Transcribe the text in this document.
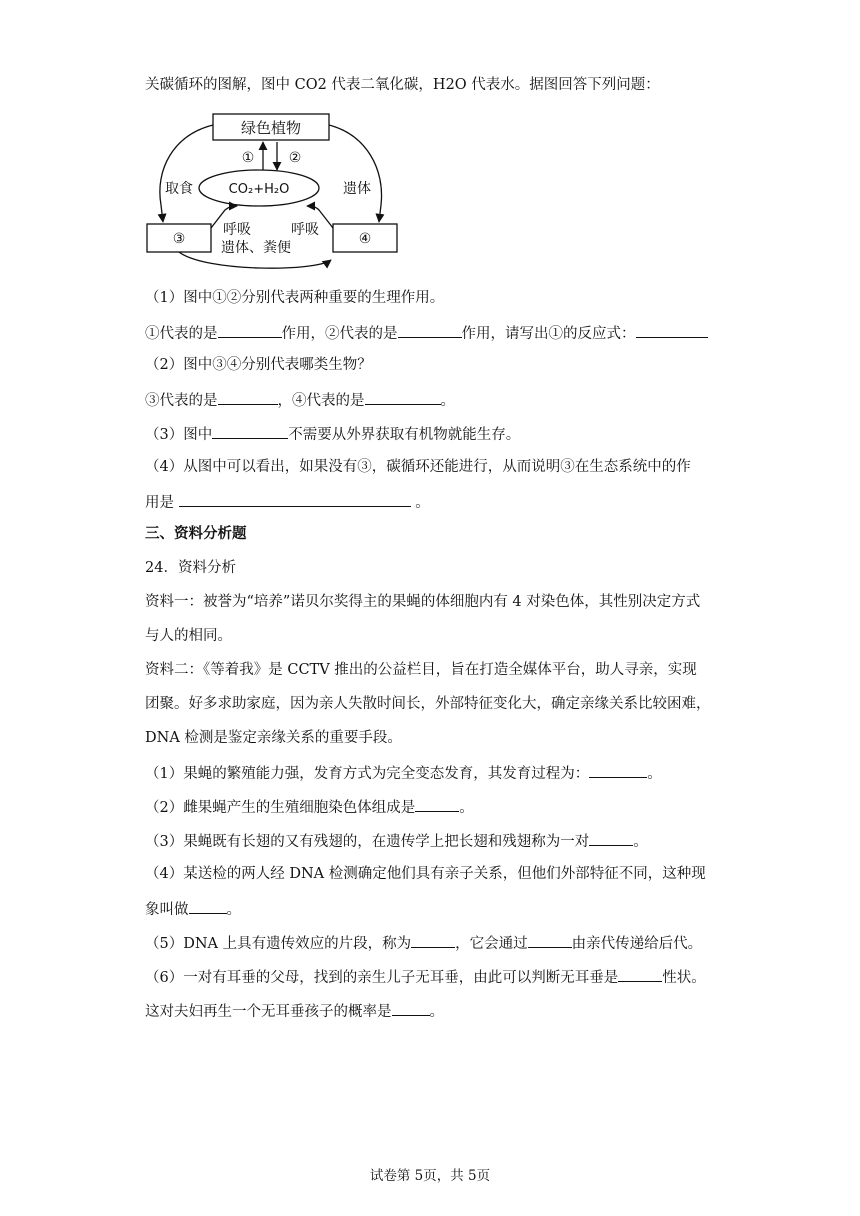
关碳循环的图解，图中 CO2 代表二氧化碳，H2O 代表水。据图回答下列问题：
绿色植物
CO₂+H₂O
① ②
取食	遗体
③	④
呼吸	呼吸
遗体、粪便
（1）图中①②分别代表两种重要的生理作用。
①代表的是	作用，②代表的是	作用，请写出①的反应式：
（2）图中③④分别代表哪类生物？
③代表的是	，④代表的是	。
（3）图中	不需要从外界获取有机物就能生存。
（4）从图中可以看出，如果没有③，碳循环还能进行，从而说明③在生态系统中的作
用是	。
三、资料分析题
24．资料分析
资料一：被誉为“培养”诺贝尔奖得主的果蝇的体细胞内有 4 对染色体，其性别决定方式
与人的相同。
资料二：《等着我》是 CCTV 推出的公益栏目，旨在打造全媒体平台，助人寻亲，实现
团聚。好多求助家庭，因为亲人失散时间长，外部特征变化大，确定亲缘关系比较困难，
DNA 检测是鉴定亲缘关系的重要手段。
（1）果蝇的繁殖能力强，发育方式为完全变态发育，其发育过程为：	。
（2）雌果蝇产生的生殖细胞染色体组成是	。
（3）果蝇既有长翅的又有残翅的，在遗传学上把长翅和残翅称为一对	。
（4）某送检的两人经 DNA 检测确定他们具有亲子关系，但他们外部特征不同，这种现
象叫做	。
（5）DNA 上具有遗传效应的片段，称为	，它会通过	由亲代传递给后代。
（6）一对有耳垂的父母，找到的亲生儿子无耳垂，由此可以判断无耳垂是	性状。
这对夫妇再生一个无耳垂孩子的概率是	。
试卷第 5页，共 5页
